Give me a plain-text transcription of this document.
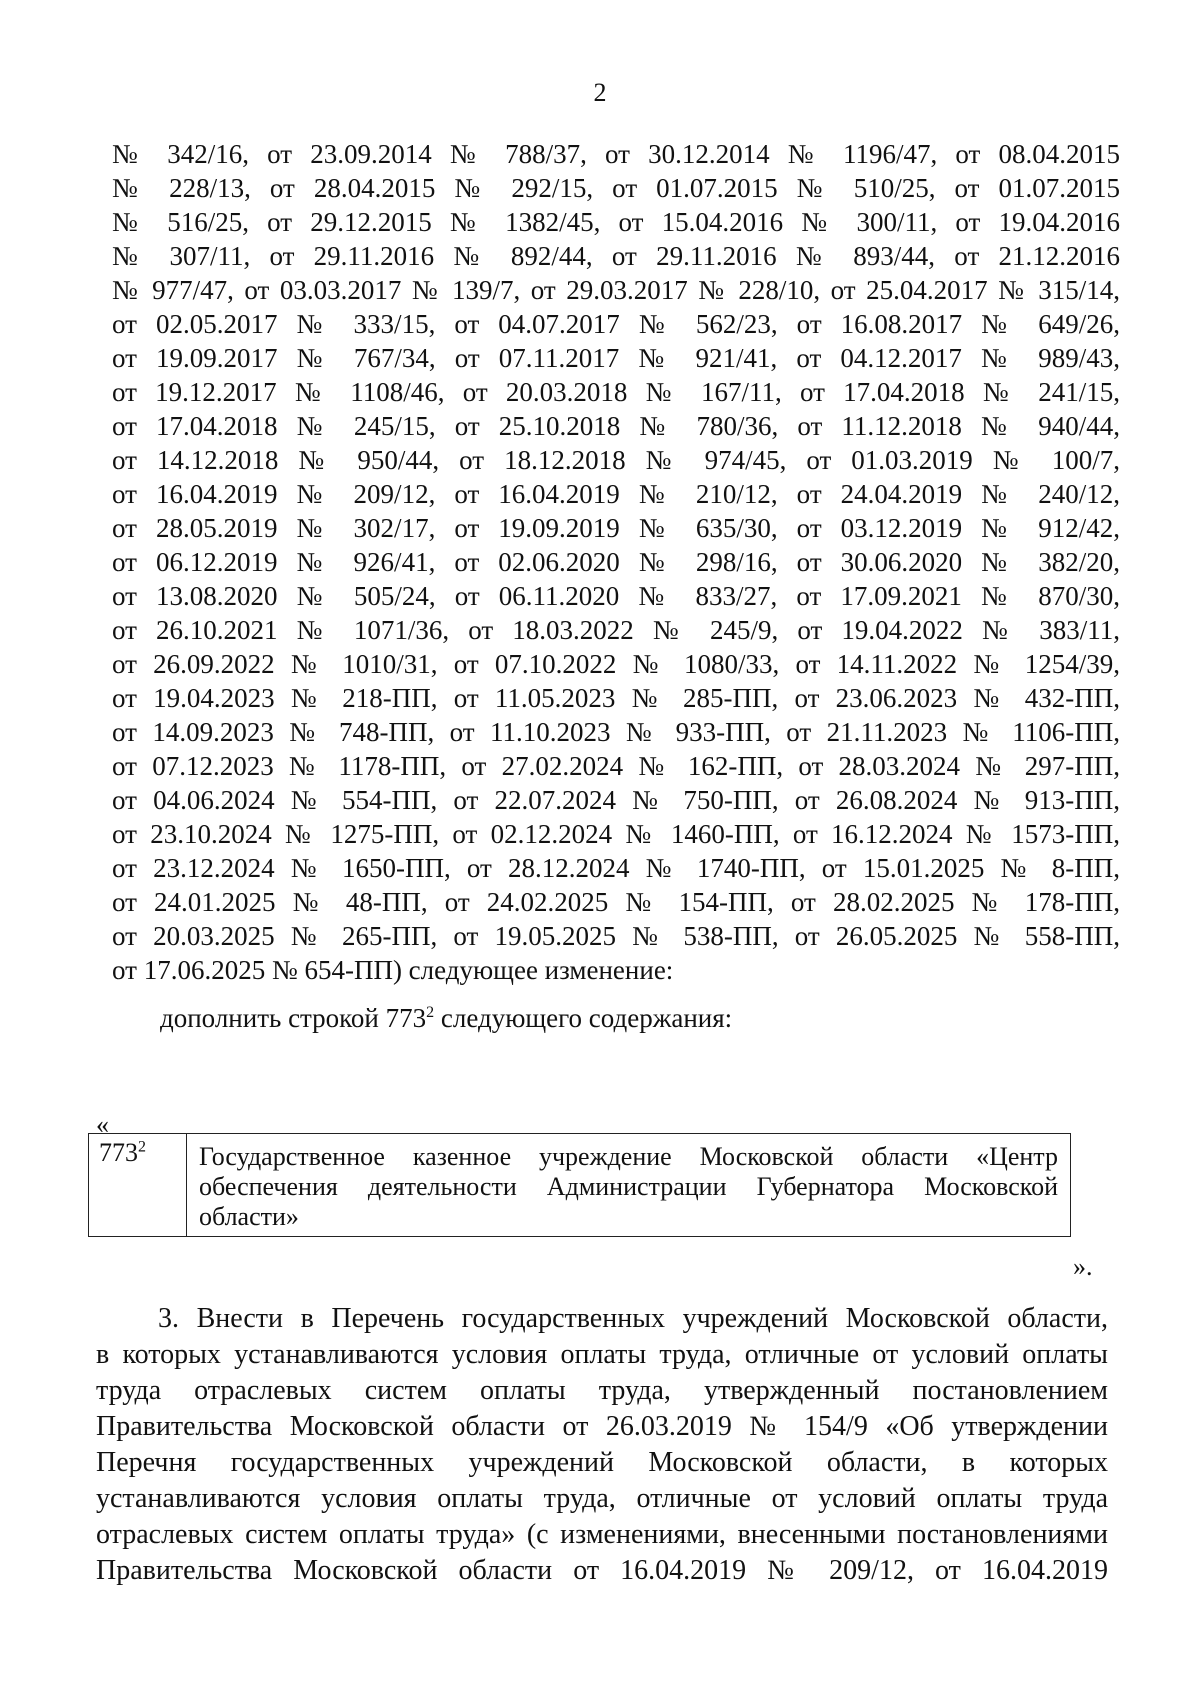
2
№ 342/16, от 23.09.2014 № 788/37, от 30.12.2014 № 1196/47, от 08.04.2015
№ 228/13, от 28.04.2015 № 292/15, от 01.07.2015 № 510/25, от 01.07.2015
№ 516/25, от 29.12.2015 № 1382/45, от 15.04.2016 № 300/11, от 19.04.2016
№ 307/11, от 29.11.2016 № 892/44, от 29.11.2016 № 893/44, от 21.12.2016
№ 977/47, от 03.03.2017 № 139/7, от 29.03.2017 № 228/10, от 25.04.2017 № 315/14,
от 02.05.2017 № 333/15, от 04.07.2017 № 562/23, от 16.08.2017 № 649/26,
от 19.09.2017 № 767/34, от 07.11.2017 № 921/41, от 04.12.2017 № 989/43,
от 19.12.2017 № 1108/46, от 20.03.2018 № 167/11, от 17.04.2018 № 241/15,
от 17.04.2018 № 245/15, от 25.10.2018 № 780/36, от 11.12.2018 № 940/44,
от 14.12.2018 № 950/44, от 18.12.2018 № 974/45, от 01.03.2019 № 100/7,
от 16.04.2019 № 209/12, от 16.04.2019 № 210/12, от 24.04.2019 № 240/12,
от 28.05.2019 № 302/17, от 19.09.2019 № 635/30, от 03.12.2019 № 912/42,
от 06.12.2019 № 926/41, от 02.06.2020 № 298/16, от 30.06.2020 № 382/20,
от 13.08.2020 № 505/24, от 06.11.2020 № 833/27, от 17.09.2021 № 870/30,
от 26.10.2021 № 1071/36, от 18.03.2022 № 245/9, от 19.04.2022 № 383/11,
от 26.09.2022 № 1010/31, от 07.10.2022 № 1080/33, от 14.11.2022 № 1254/39,
от 19.04.2023 № 218-ПП, от 11.05.2023 № 285-ПП, от 23.06.2023 № 432-ПП,
от 14.09.2023 № 748-ПП, от 11.10.2023 № 933-ПП, от 21.11.2023 № 1106-ПП,
от 07.12.2023 № 1178-ПП, от 27.02.2024 № 162-ПП, от 28.03.2024 № 297-ПП,
от 04.06.2024 № 554-ПП, от 22.07.2024 № 750-ПП, от 26.08.2024 № 913-ПП,
от 23.10.2024 № 1275-ПП, от 02.12.2024 № 1460-ПП, от 16.12.2024 № 1573-ПП,
от 23.12.2024 № 1650-ПП, от 28.12.2024 № 1740-ПП, от 15.01.2025 № 8-ПП,
от 24.01.2025 № 48-ПП, от 24.02.2025 № 154-ПП, от 28.02.2025 № 178-ПП,
от 20.03.2025 № 265-ПП, от 19.05.2025 № 538-ПП, от 26.05.2025 № 558-ПП,
от 17.06.2025 № 654-ПП) следующее изменение:
дополнить строкой $773^2$ следующего содержания:
«
$773^2$	Государственное казенное учреждение Московской области «Центр
обеспечения деятельности Администрации Губернатора Московской
области»
».
3. Внести в Перечень государственных учреждений Московской области,
в которых устанавливаются условия оплаты труда, отличные от условий оплаты
труда отраслевых систем оплаты труда, утвержденный постановлением
Правительства Московской области от 26.03.2019 № 154/9 «Об утверждении
Перечня государственных учреждений Московской области, в которых
устанавливаются условия оплаты труда, отличные от условий оплаты труда
отраслевых систем оплаты труда» (с изменениями, внесенными постановлениями
Правительства Московской области от 16.04.2019 № 209/12, от 16.04.2019
